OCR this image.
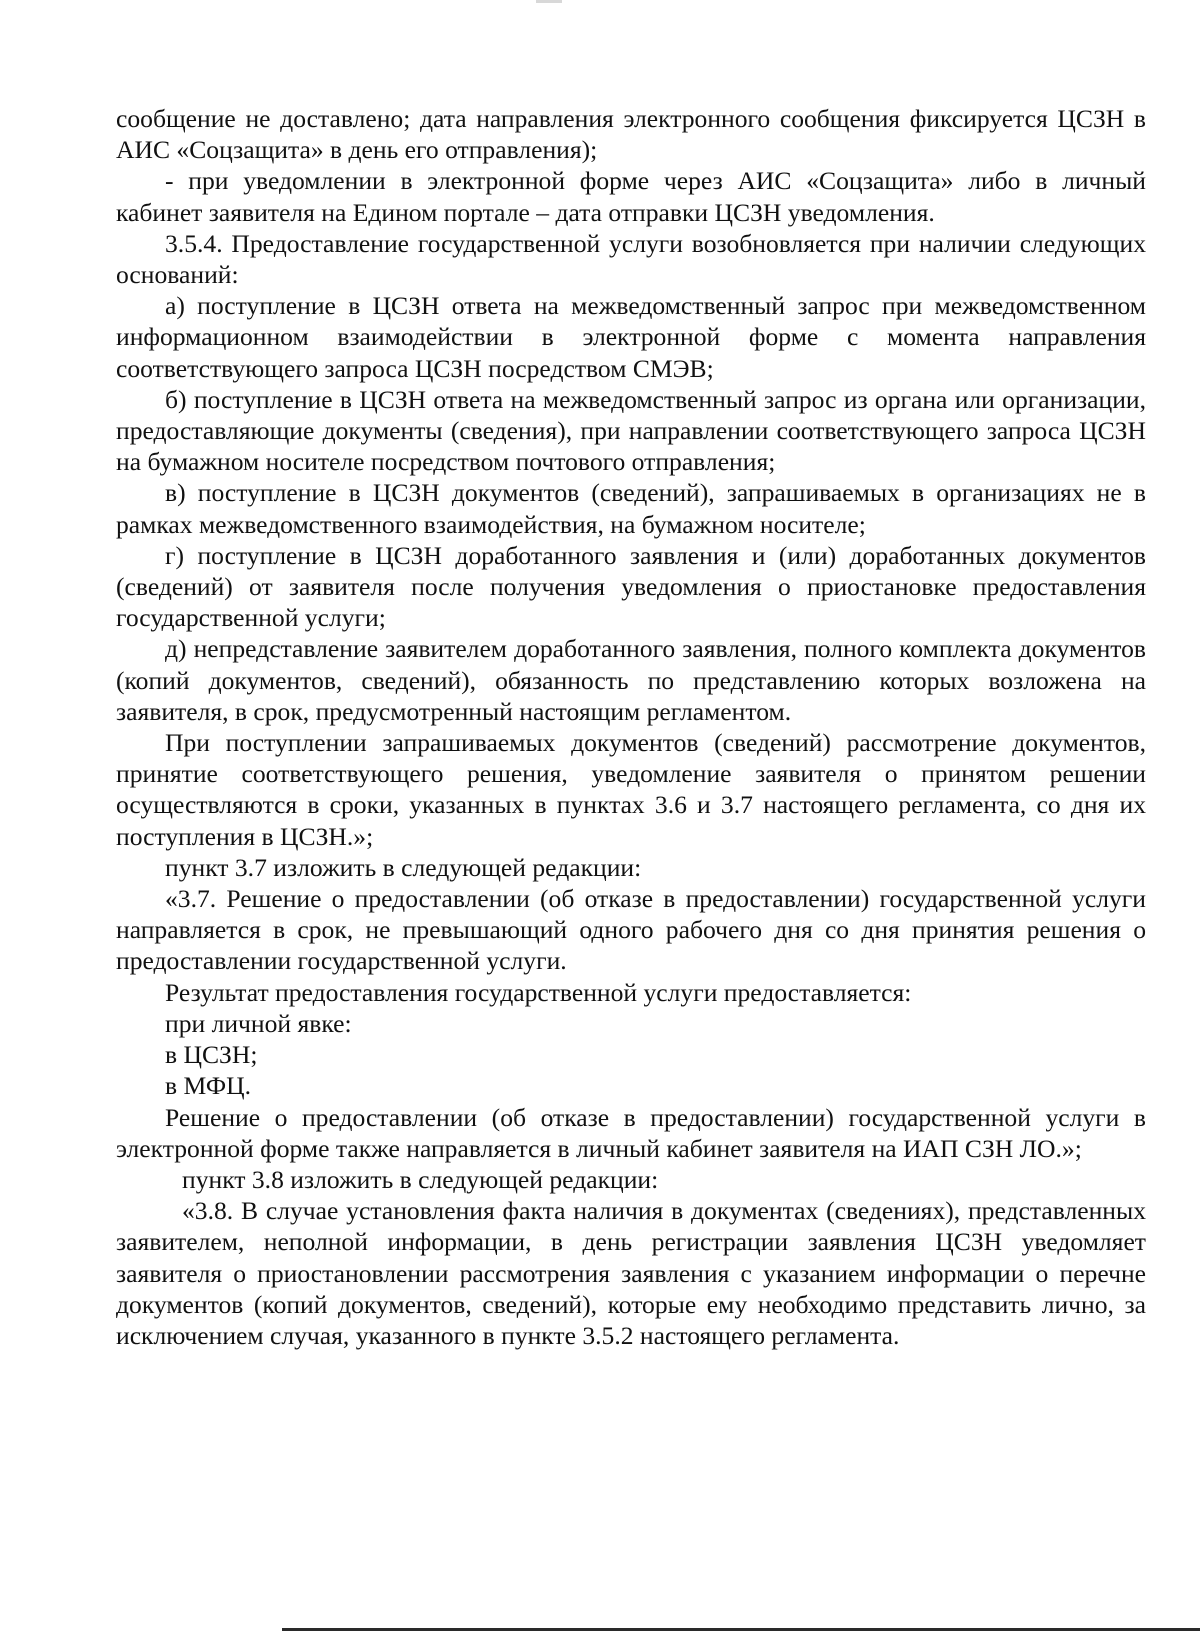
сообщение не доставлено; дата направления электронного сообщения фиксируется ЦСЗН в АИС «Соцзащита» в день его отправления);

- при уведомлении в электронной форме через АИС «Соцзащита» либо в личный кабинет заявителя на Едином портале – дата отправки ЦСЗН уведомления.

3.5.4. Предоставление государственной услуги возобновляется при наличии следующих оснований:

а) поступление в ЦСЗН ответа на межведомственный запрос при межведомственном информационном взаимодействии в электронной форме с момента направления соответствующего запроса ЦСЗН посредством СМЭВ;

б) поступление в ЦСЗН ответа на межведомственный запрос из органа или организации, предоставляющие документы (сведения), при направлении соответствующего запроса ЦСЗН на бумажном носителе посредством почтового отправления;

в) поступление в ЦСЗН документов (сведений), запрашиваемых в организациях не в рамках межведомственного взаимодействия, на бумажном носителе;

г) поступление в ЦСЗН доработанного заявления и (или) доработанных документов (сведений) от заявителя после получения уведомления о приостановке предоставления государственной услуги;

д) непредставление заявителем доработанного заявления, полного комплекта документов (копий документов, сведений), обязанность по представлению которых возложена на заявителя, в срок, предусмотренный настоящим регламентом.

При поступлении запрашиваемых документов (сведений) рассмотрение документов, принятие соответствующего решения, уведомление заявителя о принятом решении осуществляются в сроки, указанных в пунктах 3.6 и 3.7 настоящего регламента, со дня их поступления в ЦСЗН.»;

пункт 3.7 изложить в следующей редакции:

«3.7. Решение о предоставлении (об отказе в предоставлении) государственной услуги направляется в срок, не превышающий одного рабочего дня со дня принятия решения о предоставлении государственной услуги.

Результат предоставления государственной услуги предоставляется:

при личной явке:

в ЦСЗН;

в МФЦ.

Решение о предоставлении (об отказе в предоставлении) государственной услуги в электронной форме также направляется в личный кабинет заявителя на ИАП СЗН ЛО.»;

пункт 3.8 изложить в следующей редакции:

«3.8. В случае установления факта наличия в документах (сведениях), представленных заявителем, неполной информации, в день регистрации заявления ЦСЗН уведомляет заявителя о приостановлении рассмотрения заявления с указанием информации о перечне документов (копий документов, сведений), которые ему необходимо представить лично, за исключением случая, указанного в пункте 3.5.2 настоящего регламента.
